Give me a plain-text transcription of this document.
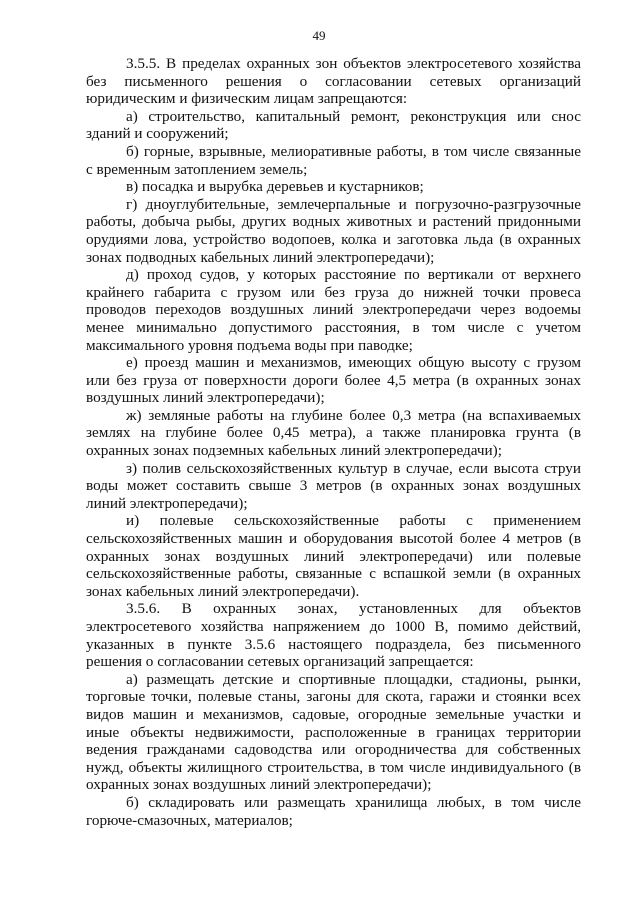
49
3.5.5. В пределах охранных зон объектов электросетевого хозяйства
без письменного решения о согласовании сетевых организаций
юридическим и физическим лицам запрещаются:
а) строительство, капитальный ремонт, реконструкция или снос
зданий и сооружений;
б) горные, взрывные, мелиоративные работы, в том числе связанные
с временным затоплением земель;
в) посадка и вырубка деревьев и кустарников;
г) дноуглубительные, землечерпальные и погрузочно-разгрузочные
работы, добыча рыбы, других водных животных и растений придонными
орудиями лова, устройство водопоев, колка и заготовка льда (в охранных
зонах подводных кабельных линий электропередачи);
д) проход судов, у которых расстояние по вертикали от верхнего
крайнего габарита с грузом или без груза до нижней точки провеса
проводов переходов воздушных линий электропередачи через водоемы
менее минимально допустимого расстояния, в том числе с учетом
максимального уровня подъема воды при паводке;
е) проезд машин и механизмов, имеющих общую высоту с грузом
или без груза от поверхности дороги более 4,5 метра (в охранных зонах
воздушных линий электропередачи);
ж) земляные работы на глубине более 0,3 метра (на вспахиваемых
землях на глубине более 0,45 метра), а также планировка грунта (в
охранных зонах подземных кабельных линий электропередачи);
з) полив сельскохозяйственных культур в случае, если высота струи
воды может составить свыше 3 метров (в охранных зонах воздушных
линий электропередачи);
и) полевые сельскохозяйственные работы с применением
сельскохозяйственных машин и оборудования высотой более 4 метров (в
охранных зонах воздушных линий электропередачи) или полевые
сельскохозяйственные работы, связанные с вспашкой земли (в охранных
зонах кабельных линий электропередачи).
3.5.6. В охранных зонах, установленных для объектов
электросетевого хозяйства напряжением до 1000 В, помимо действий,
указанных в пункте 3.5.6 настоящего подраздела, без письменного
решения о согласовании сетевых организаций запрещается:
а) размещать детские и спортивные площадки, стадионы, рынки,
торговые точки, полевые станы, загоны для скота, гаражи и стоянки всех
видов машин и механизмов, садовые, огородные земельные участки и
иные объекты недвижимости, расположенные в границах территории
ведения гражданами садоводства или огородничества для собственных
нужд, объекты жилищного строительства, в том числе индивидуального (в
охранных зонах воздушных линий электропередачи);
б) складировать или размещать хранилища любых, в том числе
горюче-смазочных, материалов;
